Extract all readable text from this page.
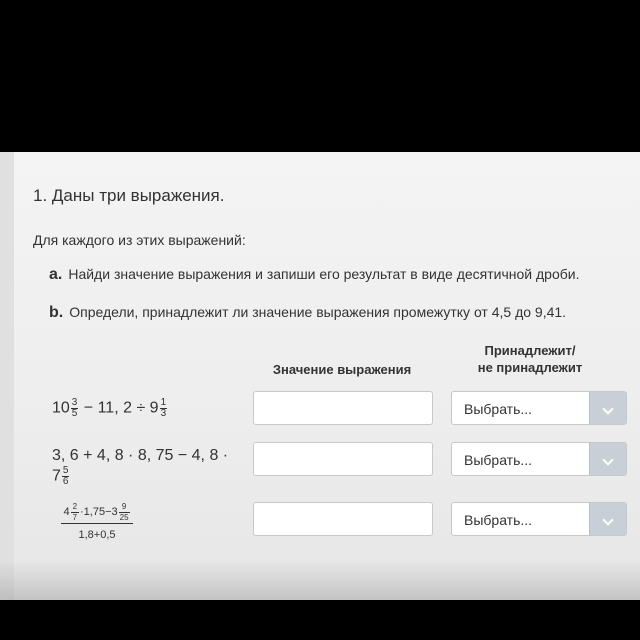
1. Даны три выражения.
Для каждого из этих выражений:
a. Найди значение выражения и запиши его результат в виде десятичной дроби.
b. Определи, принадлежит ли значение выражения промежутку от 4,5 до 9,41.
Значение выражения
Принадлежит/
не принадлежит
$10 \frac{3}{5} - 11$, $2 \div 9 \frac{1}{3}$	Выбрать...
3, 6 + 4, 8 · 8, 75 − 4, 8 ·
$7 \frac{5}{6}$
Выбрать...
$\frac{4 \frac{2}{7} \cdot 1,75-3 \frac{9}{25}}{1,8+0,5}$	Выбрать...
